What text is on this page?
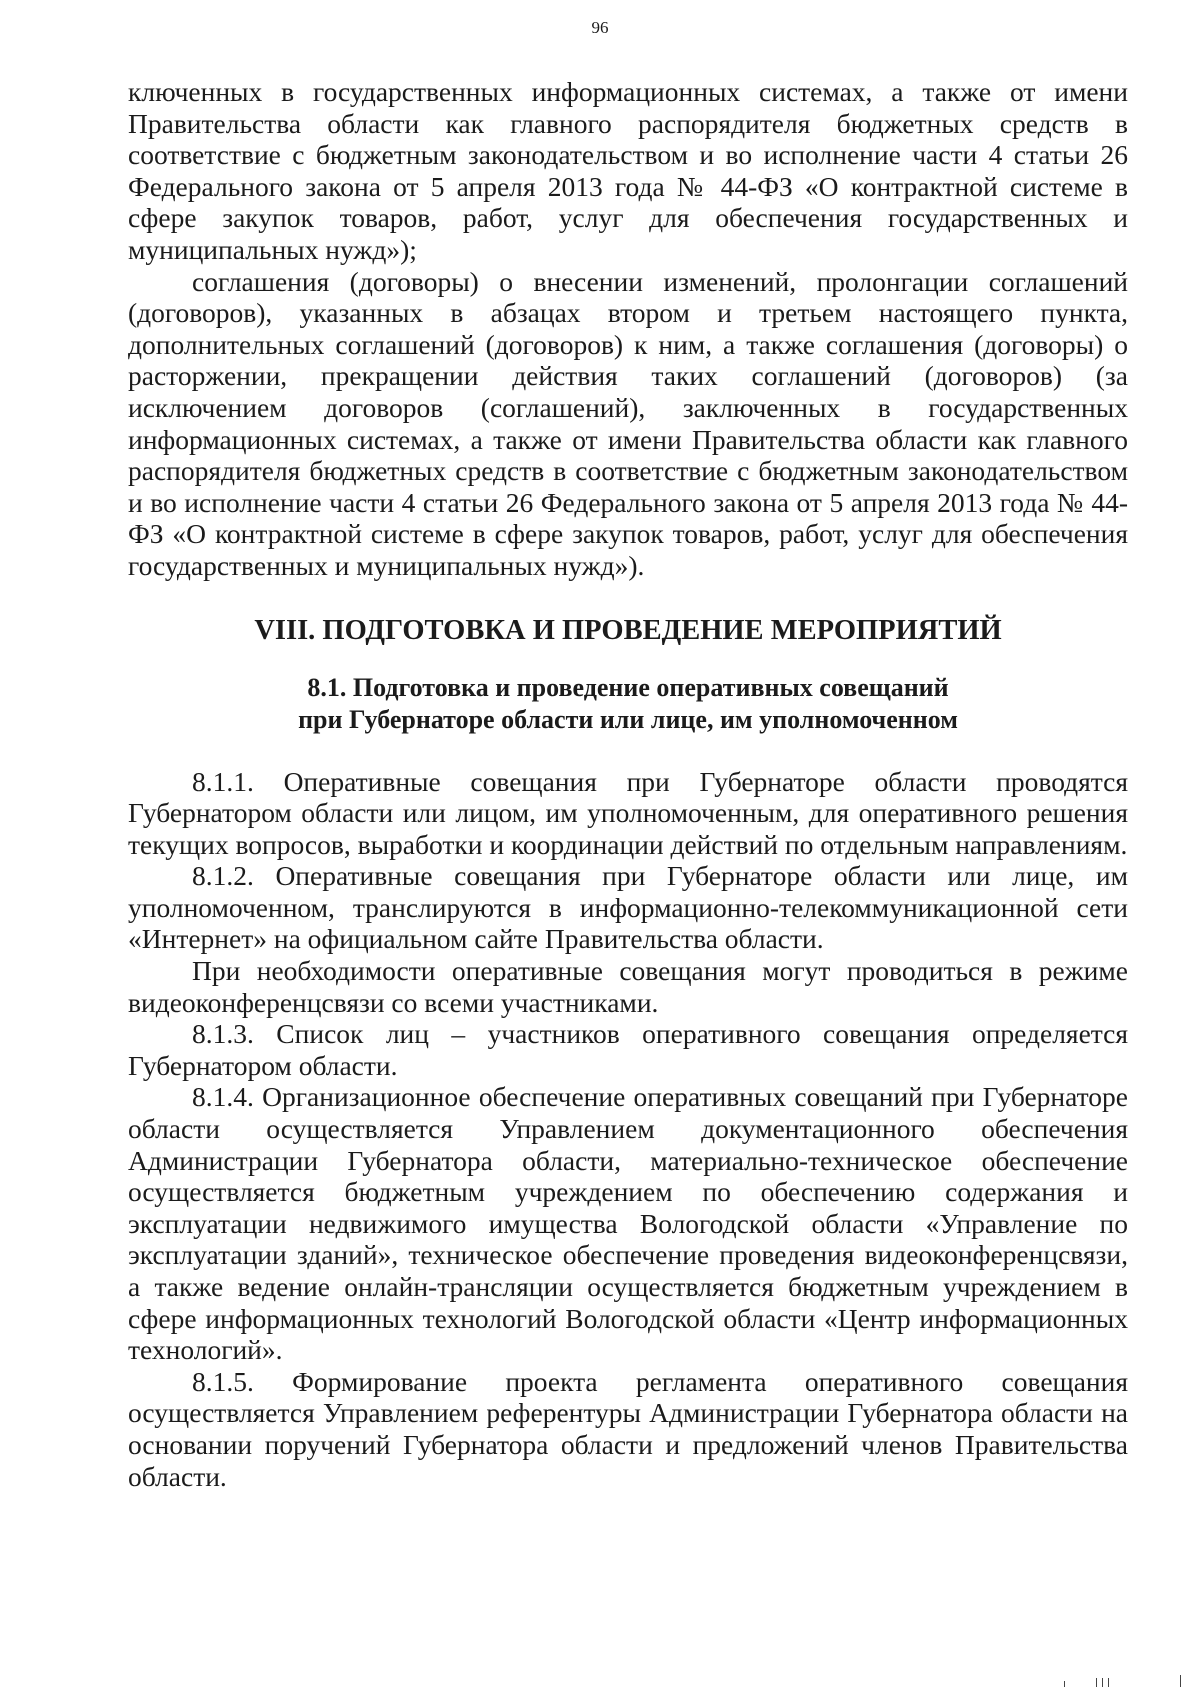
96

ключенных в государственных информационных системах, а также от имени Правительства области как главного распорядителя бюджетных средств в соответствие с бюджетным законодательством и во исполнение части 4 статьи 26 Федерального закона от 5 апреля 2013 года № 44-ФЗ «О контрактной системе в сфере закупок товаров, работ, услуг для обеспечения государственных и муниципальных нужд»);

соглашения (договоры) о внесении изменений, пролонгации соглашений (договоров), указанных в абзацах втором и третьем настоящего пункта, дополнительных соглашений (договоров) к ним, а также соглашения (договоры) о расторжении, прекращении действия таких соглашений (договоров) (за исключением договоров (соглашений), заключенных в государственных информационных системах, а также от имени Правительства области как главного распорядителя бюджетных средств в соответствие с бюджетным законодательством и во исполнение части 4 статьи 26 Федерального закона от 5 апреля 2013 года № 44-ФЗ «О контрактной системе в сфере закупок товаров, работ, услуг для обеспечения государственных и муниципальных нужд»).

VIII. ПОДГОТОВКА И ПРОВЕДЕНИЕ МЕРОПРИЯТИЙ
8.1. Подготовка и проведение оперативных совещаний
при Губернаторе области или лице, им уполномоченном

8.1.1. Оперативные совещания при Губернаторе области проводятся Губернатором области или лицом, им уполномоченным, для оперативного решения текущих вопросов, выработки и координации действий по отдельным направлениям.

8.1.2. Оперативные совещания при Губернаторе области или лице, им уполномоченном, транслируются в информационно-телекоммуникационной сети «Интернет» на официальном сайте Правительства области.

При необходимости оперативные совещания могут проводиться в режиме видеоконференцсвязи со всеми участниками.

8.1.3. Список лиц – участников оперативного совещания определяется Губернатором области.

8.1.4. Организационное обеспечение оперативных совещаний при Губернаторе области осуществляется Управлением документационного обеспечения Администрации Губернатора области, материально-техническое обеспечение осуществляется бюджетным учреждением по обеспечению содержания и эксплуатации недвижимого имущества Вологодской области «Управление по эксплуатации зданий», техническое обеспечение проведения видеоконференцсвязи, а также ведение онлайн-трансляции осуществляется бюджетным учреждением в сфере информационных технологий Вологодской области «Центр информационных технологий».

8.1.5. Формирование проекта регламента оперативного совещания осуществляется Управлением референтуры Администрации Губернатора области на основании поручений Губернатора области и предложений членов Правительства области.
